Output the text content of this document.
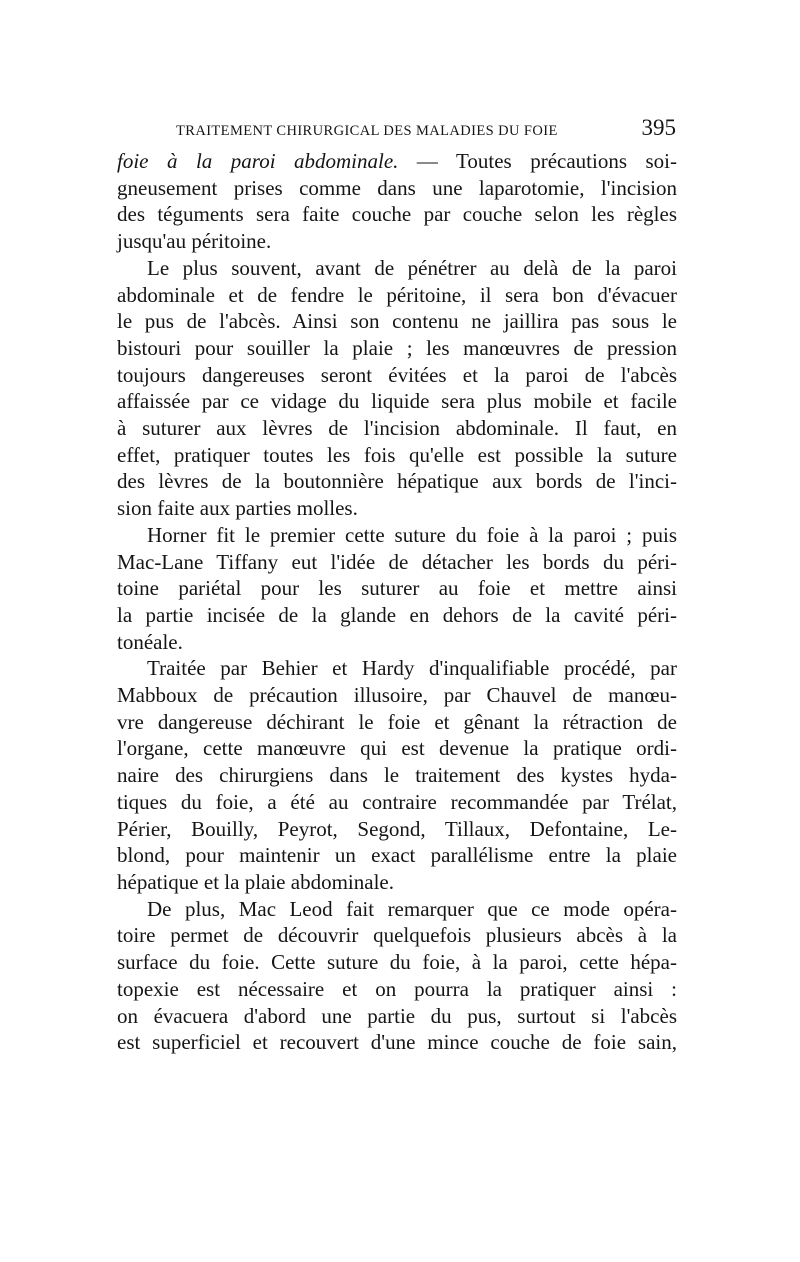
TRAITEMENT CHIRURGICAL DES MALADIES DU FOIE	395
foie à la paroi abdominale. — Toutes précautions soi-
gneusement prises comme dans une laparotomie, l'incision
des téguments sera faite couche par couche selon les règles
jusqu'au péritoine.
Le plus souvent, avant de pénétrer au delà de la paroi
abdominale et de fendre le péritoine, il sera bon d'évacuer
le pus de l'abcès. Ainsi son contenu ne jaillira pas sous le
bistouri pour souiller la plaie ; les manœuvres de pression
toujours dangereuses seront évitées et la paroi de l'abcès
affaissée par ce vidage du liquide sera plus mobile et facile
à suturer aux lèvres de l'incision abdominale. Il faut, en
effet, pratiquer toutes les fois qu'elle est possible la suture
des lèvres de la boutonnière hépatique aux bords de l'inci-
sion faite aux parties molles.
Horner fit le premier cette suture du foie à la paroi ; puis
Mac-Lane Tiffany eut l'idée de détacher les bords du péri-
toine pariétal pour les suturer au foie et mettre ainsi
la partie incisée de la glande en dehors de la cavité péri-
tonéale.
Traitée par Behier et Hardy d'inqualifiable procédé, par
Mabboux de précaution illusoire, par Chauvel de manœu-
vre dangereuse déchirant le foie et gênant la rétraction de
l'organe, cette manœuvre qui est devenue la pratique ordi-
naire des chirurgiens dans le traitement des kystes hyda-
tiques du foie, a été au contraire recommandée par Trélat,
Périer, Bouilly, Peyrot, Segond, Tillaux, Defontaine, Le-
blond, pour maintenir un exact parallélisme entre la plaie
hépatique et la plaie abdominale.
De plus, Mac Leod fait remarquer que ce mode opéra-
toire permet de découvrir quelquefois plusieurs abcès à la
surface du foie. Cette suture du foie, à la paroi, cette hépa-
topexie est nécessaire et on pourra la pratiquer ainsi :
on évacuera d'abord une partie du pus, surtout si l'abcès
est superficiel et recouvert d'une mince couche de foie sain,
